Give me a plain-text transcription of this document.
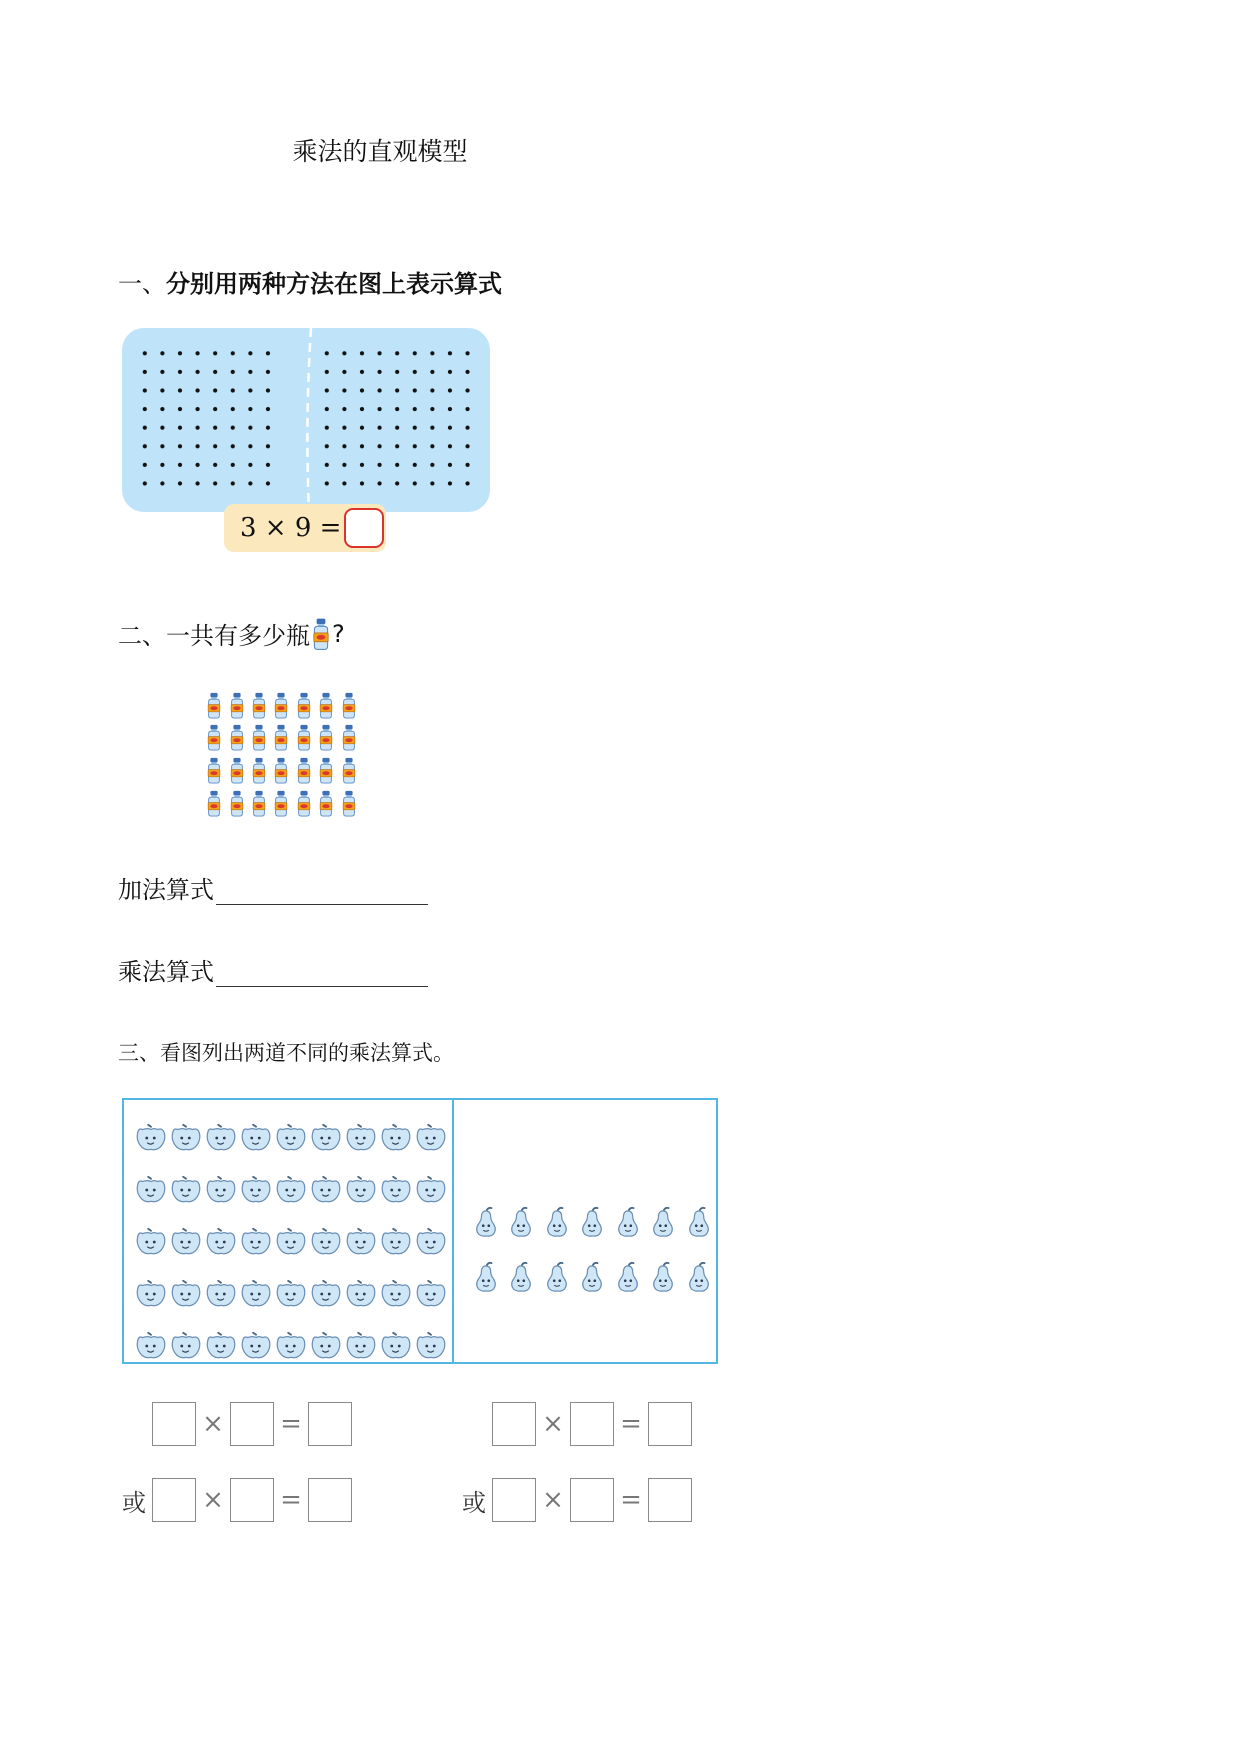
乘法的直观模型
一、分别用两种方法在图上表示算式
3 × 9 =
二、 一共有多少瓶 ?
加法算式
乘法算式
三、看图列出两道不同的乘法算式。
× =
或 × =
× =
或 × =
